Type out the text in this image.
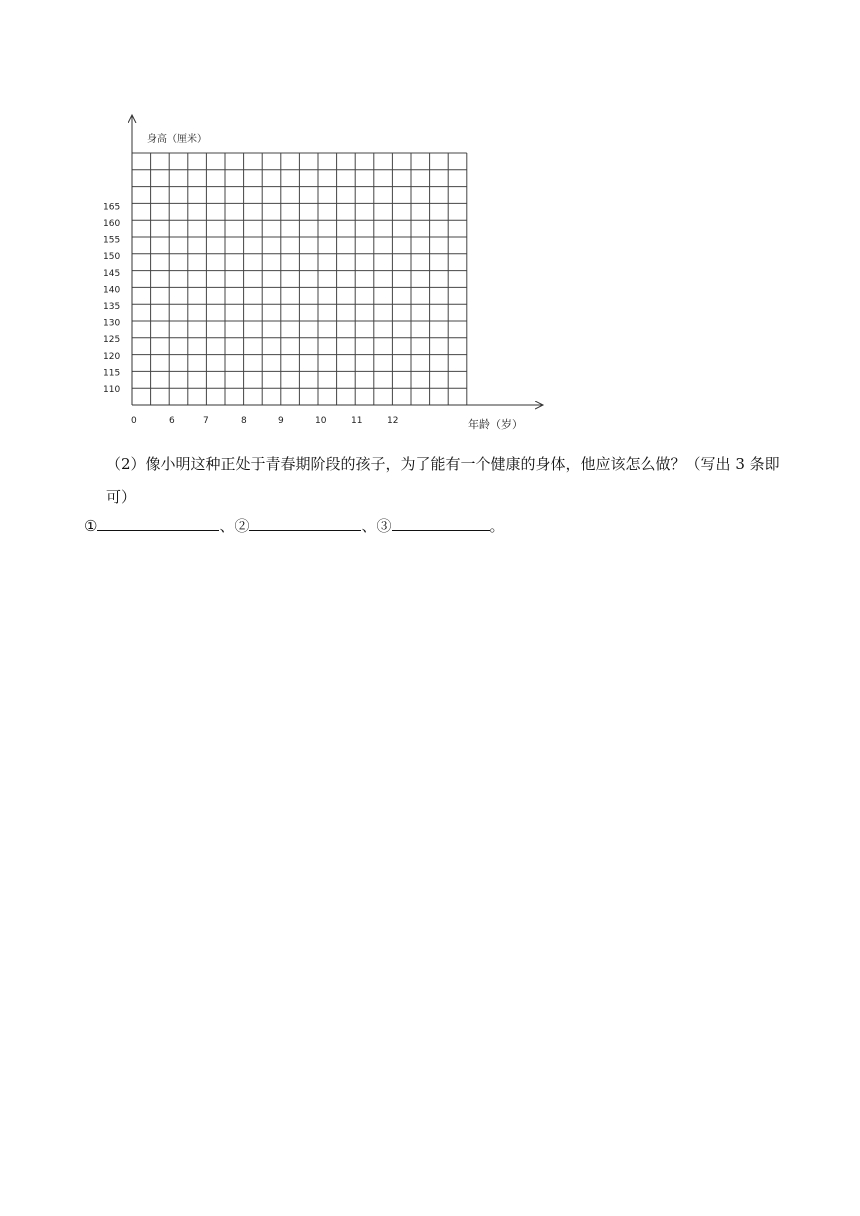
身高（厘米）
年龄（岁）
110
115
120
125
130
135
140
145
150
155
160
165
0	6	7	8	9	10	11	12

（2）像小明这种正处于青春期阶段的孩子，为了能有一个健康的身体，他应该怎么做？（写出 3 条即可）

①	、②	、③	。
